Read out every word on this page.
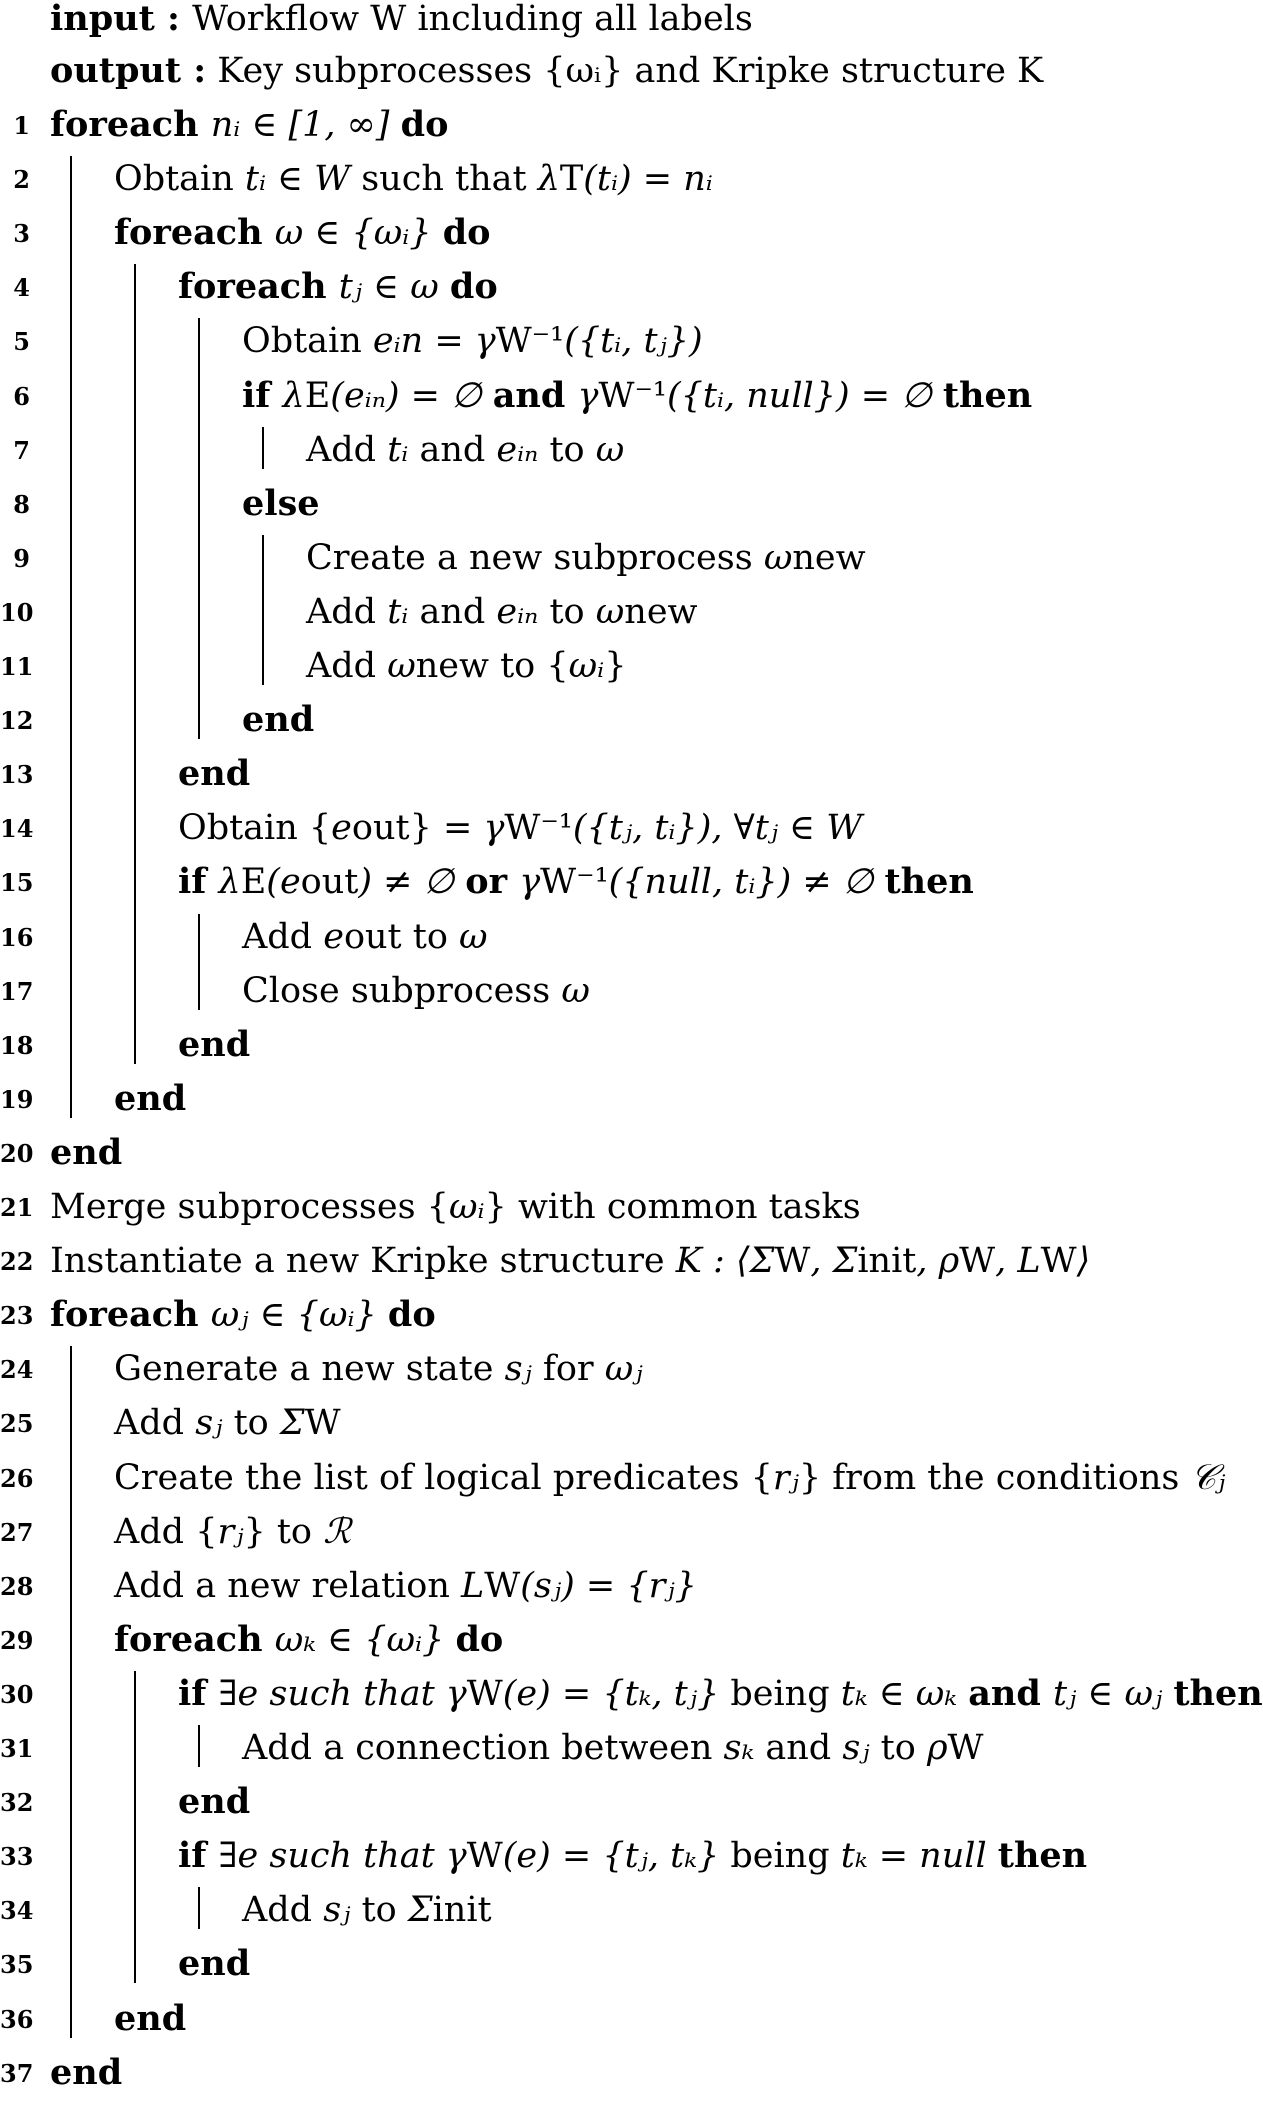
input : Workflow W including all labels
output : Key subprocesses {ωᵢ} and Kripke structure K
1 foreach nᵢ ∈ [1, ∞] do
2 Obtain tᵢ ∈ W such that λT(tᵢ) = nᵢ
3 foreach ω ∈ {ωᵢ} do
4	foreach tⱼ ∈ ω do
5	Obtain eᵢn = γW⁻¹({tᵢ, tⱼ})
6	if λE(eᵢₙ) = ∅ and γW⁻¹({tᵢ, null}) = ∅ then
7	Add tᵢ and eᵢₙ to ω
8	else
9	Create a new subprocess ωnew
10	Add tᵢ and eᵢₙ to ωnew
11	Add ωnew to {ωᵢ}
12	end
13	end
14	Obtain {eout} = γW⁻¹({tⱼ, tᵢ}), ∀tⱼ ∈ W
15	if λE(eout) ≠ ∅ or γW⁻¹({null, tᵢ}) ≠ ∅ then
16	Add eout to ω
17	Close subprocess ω
18	end
19 end
20 end
21 Merge subprocesses {ωᵢ} with common tasks
22 Instantiate a new Kripke structure K : ⟨ΣW, Σinit, ρW, LW⟩
23 foreach ωⱼ ∈ {ωᵢ} do
24 Generate a new state sⱼ for ωⱼ
25 Add sⱼ to ΣW
26 Create the list of logical predicates {rⱼ} from the conditions 𝒞ⱼ
27 Add {rⱼ} to ℛ
28 Add a new relation LW(sⱼ) = {rⱼ}
29 foreach ωₖ ∈ {ωᵢ} do
30	if ∃e such that γW(e) = {tₖ, tⱼ} being tₖ ∈ ωₖ and tⱼ ∈ ωⱼ then
31	Add a connection between sₖ and sⱼ to ρW
32	end
33	if ∃e such that γW(e) = {tⱼ, tₖ} being tₖ = null then
34	Add sⱼ to Σinit
35	end
36 end
37 end
